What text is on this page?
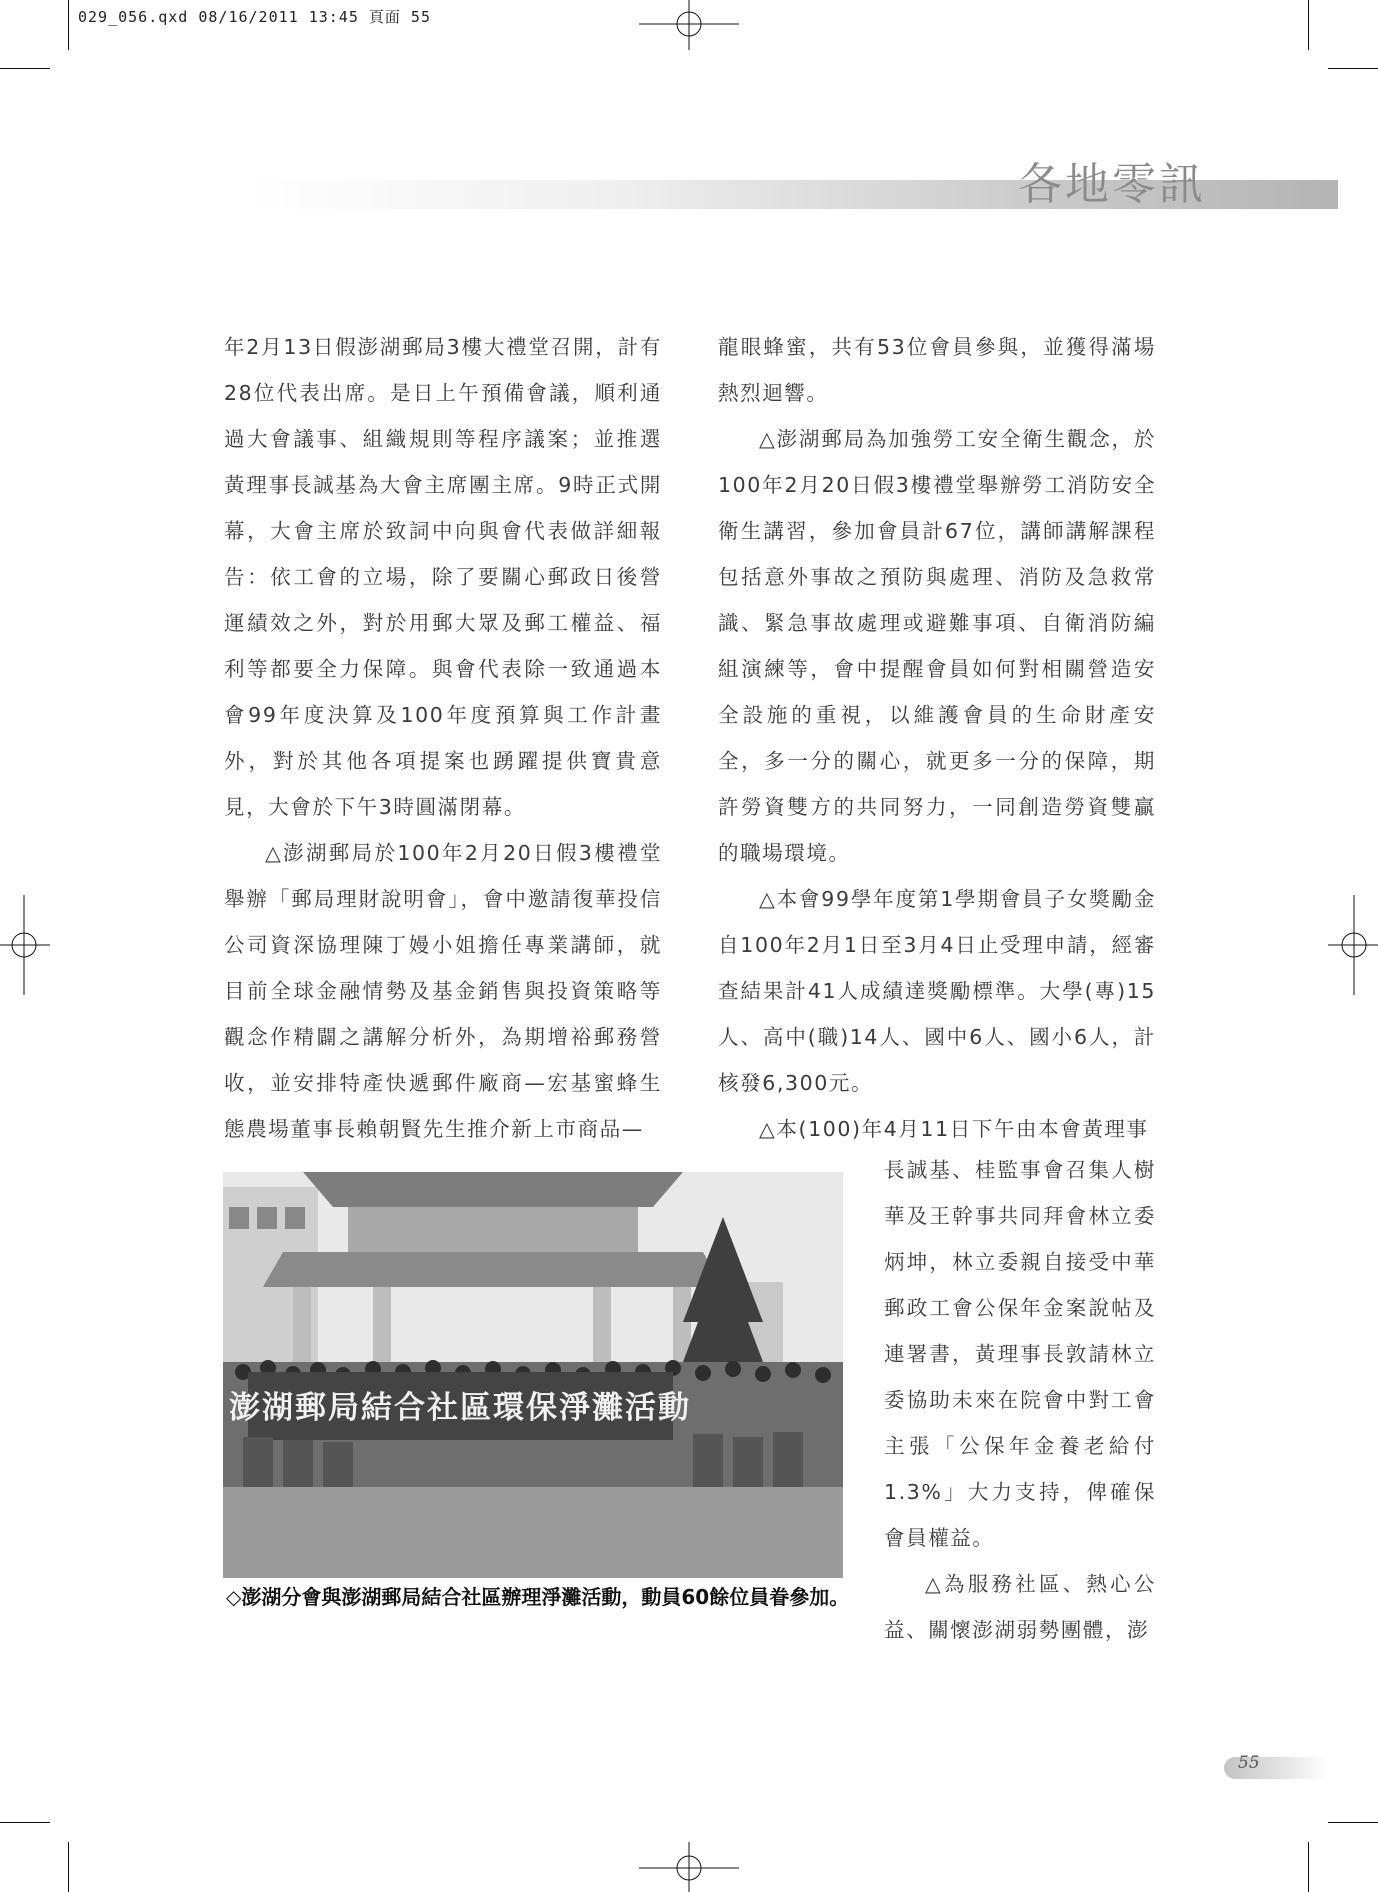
029_056.qxd 08/16/2011 13:45 頁面 55
各地零訊

年2月13日假澎湖郵局3樓大禮堂召開，計有28位代表出席。是日上午預備會議，順利通過大會議事、組織規則等程序議案；並推選黃理事長誠基為大會主席團主席。9時正式開幕，大會主席於致詞中向與會代表做詳細報告：依工會的立場，除了要關心郵政日後營運績效之外，對於用郵大眾及郵工權益、福利等都要全力保障。與會代表除一致通過本會99年度決算及100年度預算與工作計畫外，對於其他各項提案也踴躍提供寶貴意見，大會於下午3時圓滿閉幕。

△澎湖郵局於100年2月20日假3樓禮堂舉辦「郵局理財說明會」，會中邀請復華投信公司資深協理陳丁嫚小姐擔任專業講師，就目前全球金融情勢及基金銷售與投資策略等觀念作精闢之講解分析外，為期增裕郵務營收，並安排特產快遞郵件廠商—宏基蜜蜂生態農場董事長賴朝賢先生推介新上市商品—

龍眼蜂蜜，共有53位會員參與，並獲得滿場熱烈迴響。

△澎湖郵局為加強勞工安全衛生觀念，於100年2月20日假3樓禮堂舉辦勞工消防安全衛生講習，參加會員計67位，講師講解課程包括意外事故之預防與處理、消防及急救常識、緊急事故處理或避難事項、自衛消防編組演練等，會中提醒會員如何對相關營造安全設施的重視，以維護會員的生命財產安全，多一分的關心，就更多一分的保障，期許勞資雙方的共同努力，一同創造勞資雙贏的職場環境。

△本會99學年度第1學期會員子女獎勵金自100年2月1日至3月4日止受理申請，經審查結果計41人成績達獎勵標準。大學(專)15人、高中(職)14人、國中6人、國小6人，計核發6,300元。

△本(100)年4月11日下午由本會黃理事

長誠基、桂監事會召集人樹華及王幹事共同拜會林立委炳坤，林立委親自接受中華郵政工會公保年金案說帖及連署書，黃理事長敦請林立委協助未來在院會中對工會主張「公保年金養老給付1.3%」大力支持，俾確保會員權益。

△為服務社區、熱心公益、關懷澎湖弱勢團體，澎

澎湖郵局結合社區環保淨灘活動
◇澎湖分會與澎湖郵局結合社區辦理淨灘活動，動員60餘位員眷參加。
55
